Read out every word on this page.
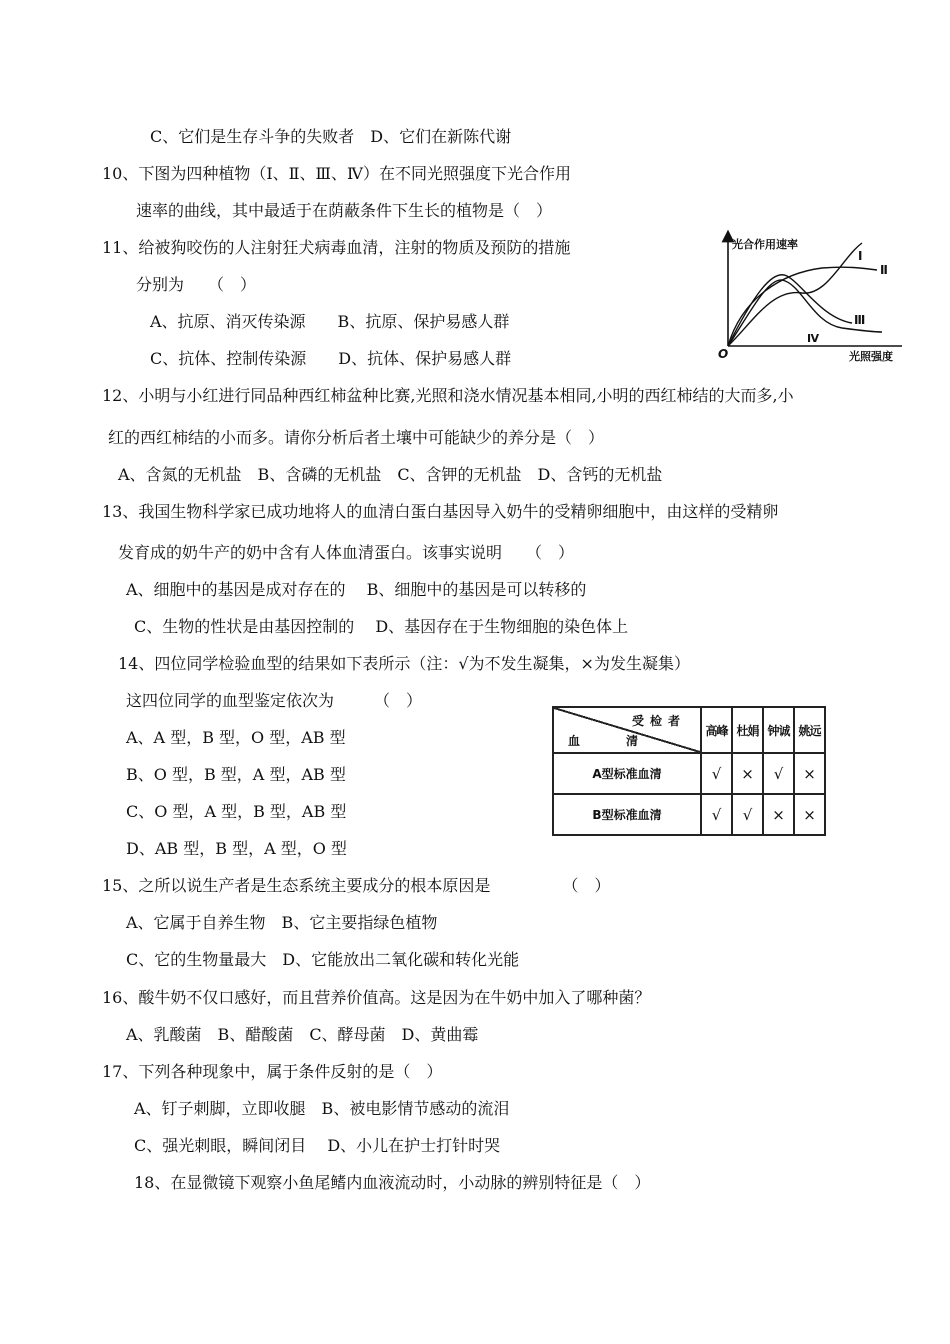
C、它们是生存斗争的失败者　D、它们在新陈代谢
10、下图为四种植物（Ⅰ、Ⅱ、Ⅲ、Ⅳ）在不同光照强度下光合作用
速率的曲线，其中最适于在荫蔽条件下生长的植物是（　）
11、给被狗咬伤的人注射狂犬病毒血清，注射的物质及预防的措施
分别为　　（　）
A、抗原、消灭传染源　　B、抗原、保护易感人群
C、抗体、控制传染源　　D、抗体、保护易感人群
光合作用速率
光照强度
O
Ⅰ
Ⅱ
Ⅲ
Ⅳ
12、小明与小红进行同品种西红柿盆种比赛,光照和浇水情况基本相同,小明的西红柿结的大而多,小
红的西红柿结的小而多。请你分析后者土壤中可能缺少的养分是（　）
A、含氮的无机盐　B、含磷的无机盐　C、含钾的无机盐　D、含钙的无机盐
13、我国生物科学家已成功地将人的血清白蛋白基因导入奶牛的受精卵细胞中，由这样的受精卵
发育成的奶牛产的奶中含有人体血清蛋白。该事实说明　　（　）
A、细胞中的基因是成对存在的　 B、细胞中的基因是可以转移的
C、生物的性状是由基因控制的　 D、基因存在于生物细胞的染色体上
14、四位同学检验血型的结果如下表所示（注：√为不发生凝集，×为发生凝集）
这四位同学的血型鉴定依次为　　　（　）
A、A 型，B 型，O 型，AB 型
B、O 型，B 型，A 型，AB 型
C、O 型，A 型，B 型，AB 型
D、AB 型，B 型，A 型，O 型
受检者
血清	高峰	杜娟	钟诚	姚远
A型标准血清	√	×	√	×
B型标准血清	√	√	×	×
15、之所以说生产者是生态系统主要成分的根本原因是　　　　　（　）
A、它属于自养生物　B、它主要指绿色植物
C、它的生物量最大　D、它能放出二氧化碳和转化光能
16、酸牛奶不仅口感好，而且营养价值高。这是因为在牛奶中加入了哪种菌？
A、乳酸菌　B、醋酸菌　C、酵母菌　D、黄曲霉
17、下列各种现象中，属于条件反射的是（　）
A、钉子刺脚，立即收腿　B、被电影情节感动的流泪
C、强光刺眼，瞬间闭目　 D、小儿在护士打针时哭
18、在显微镜下观察小鱼尾鳍内血液流动时，小动脉的辨别特征是（　）
